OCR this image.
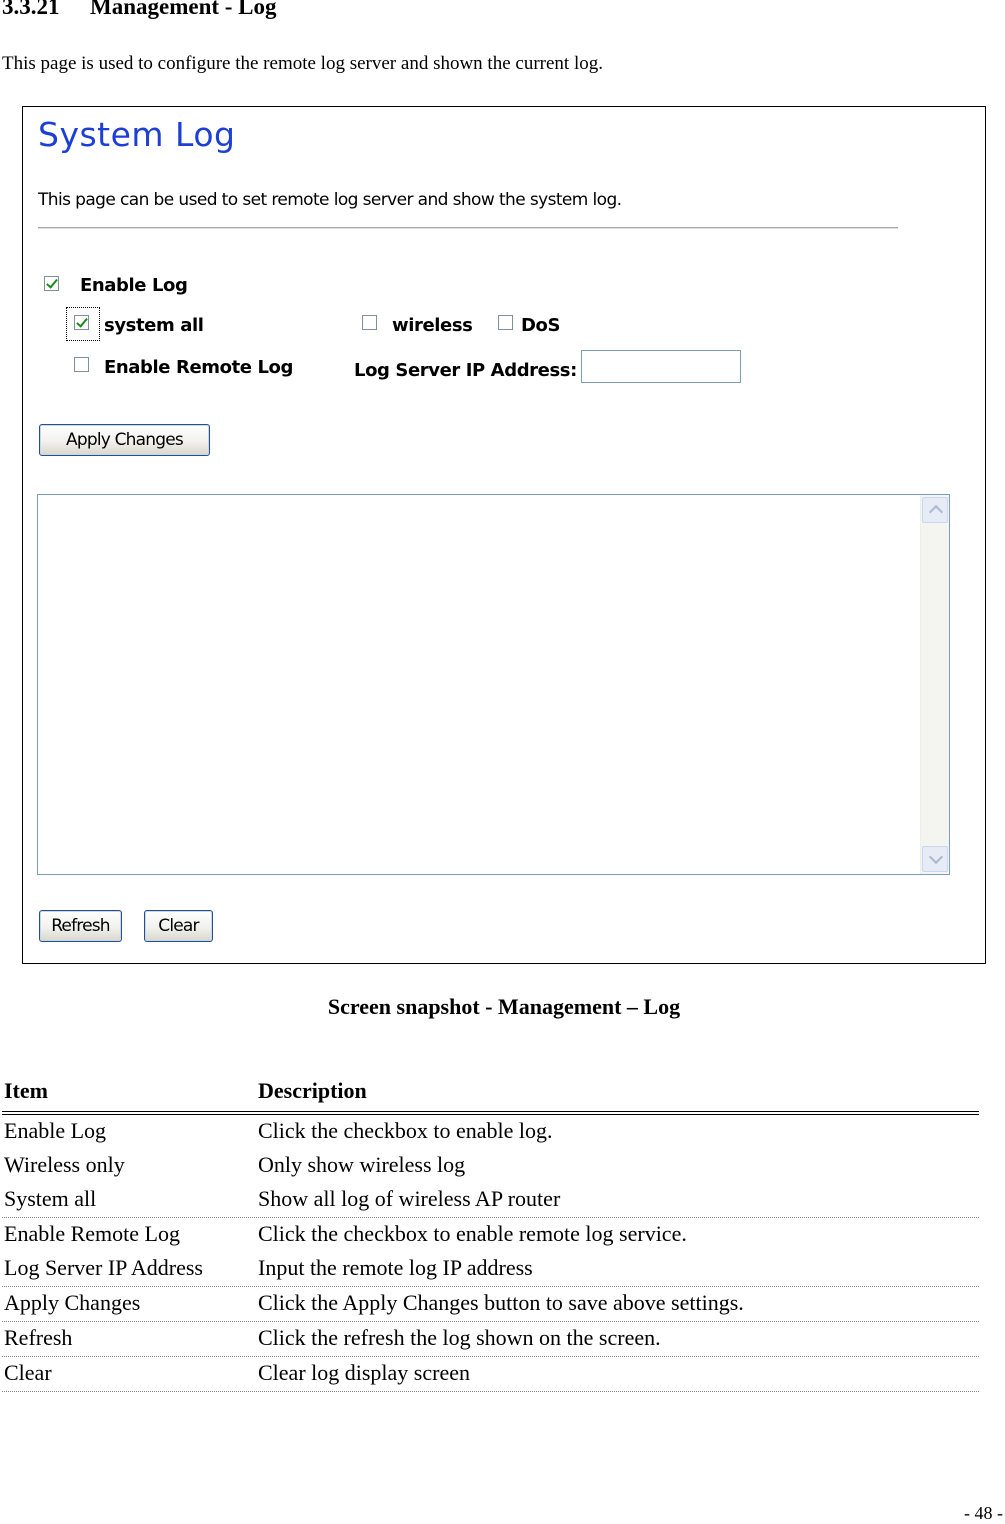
3.3.21 Management - Log
This page is used to configure the remote log server and shown the current log.
System Log
This page can be used to set remote log server and show the system log.
Enable Log
system all	wireless	DoS
Enable Remote Log	Log Server IP Address:
Apply Changes
Refresh	Clear
Screen snapshot - Management – Log
Item	Description
Enable Log	Click the checkbox to enable log.
Wireless only	Only show wireless log
System all	Show all log of wireless AP router
Enable Remote Log	Click the checkbox to enable remote log service.
Log Server IP Address	Input the remote log IP address
Apply Changes	Click the Apply Changes button to save above settings.
Refresh	Click the refresh the log shown on the screen.
Clear	Clear log display screen
- 48 -
